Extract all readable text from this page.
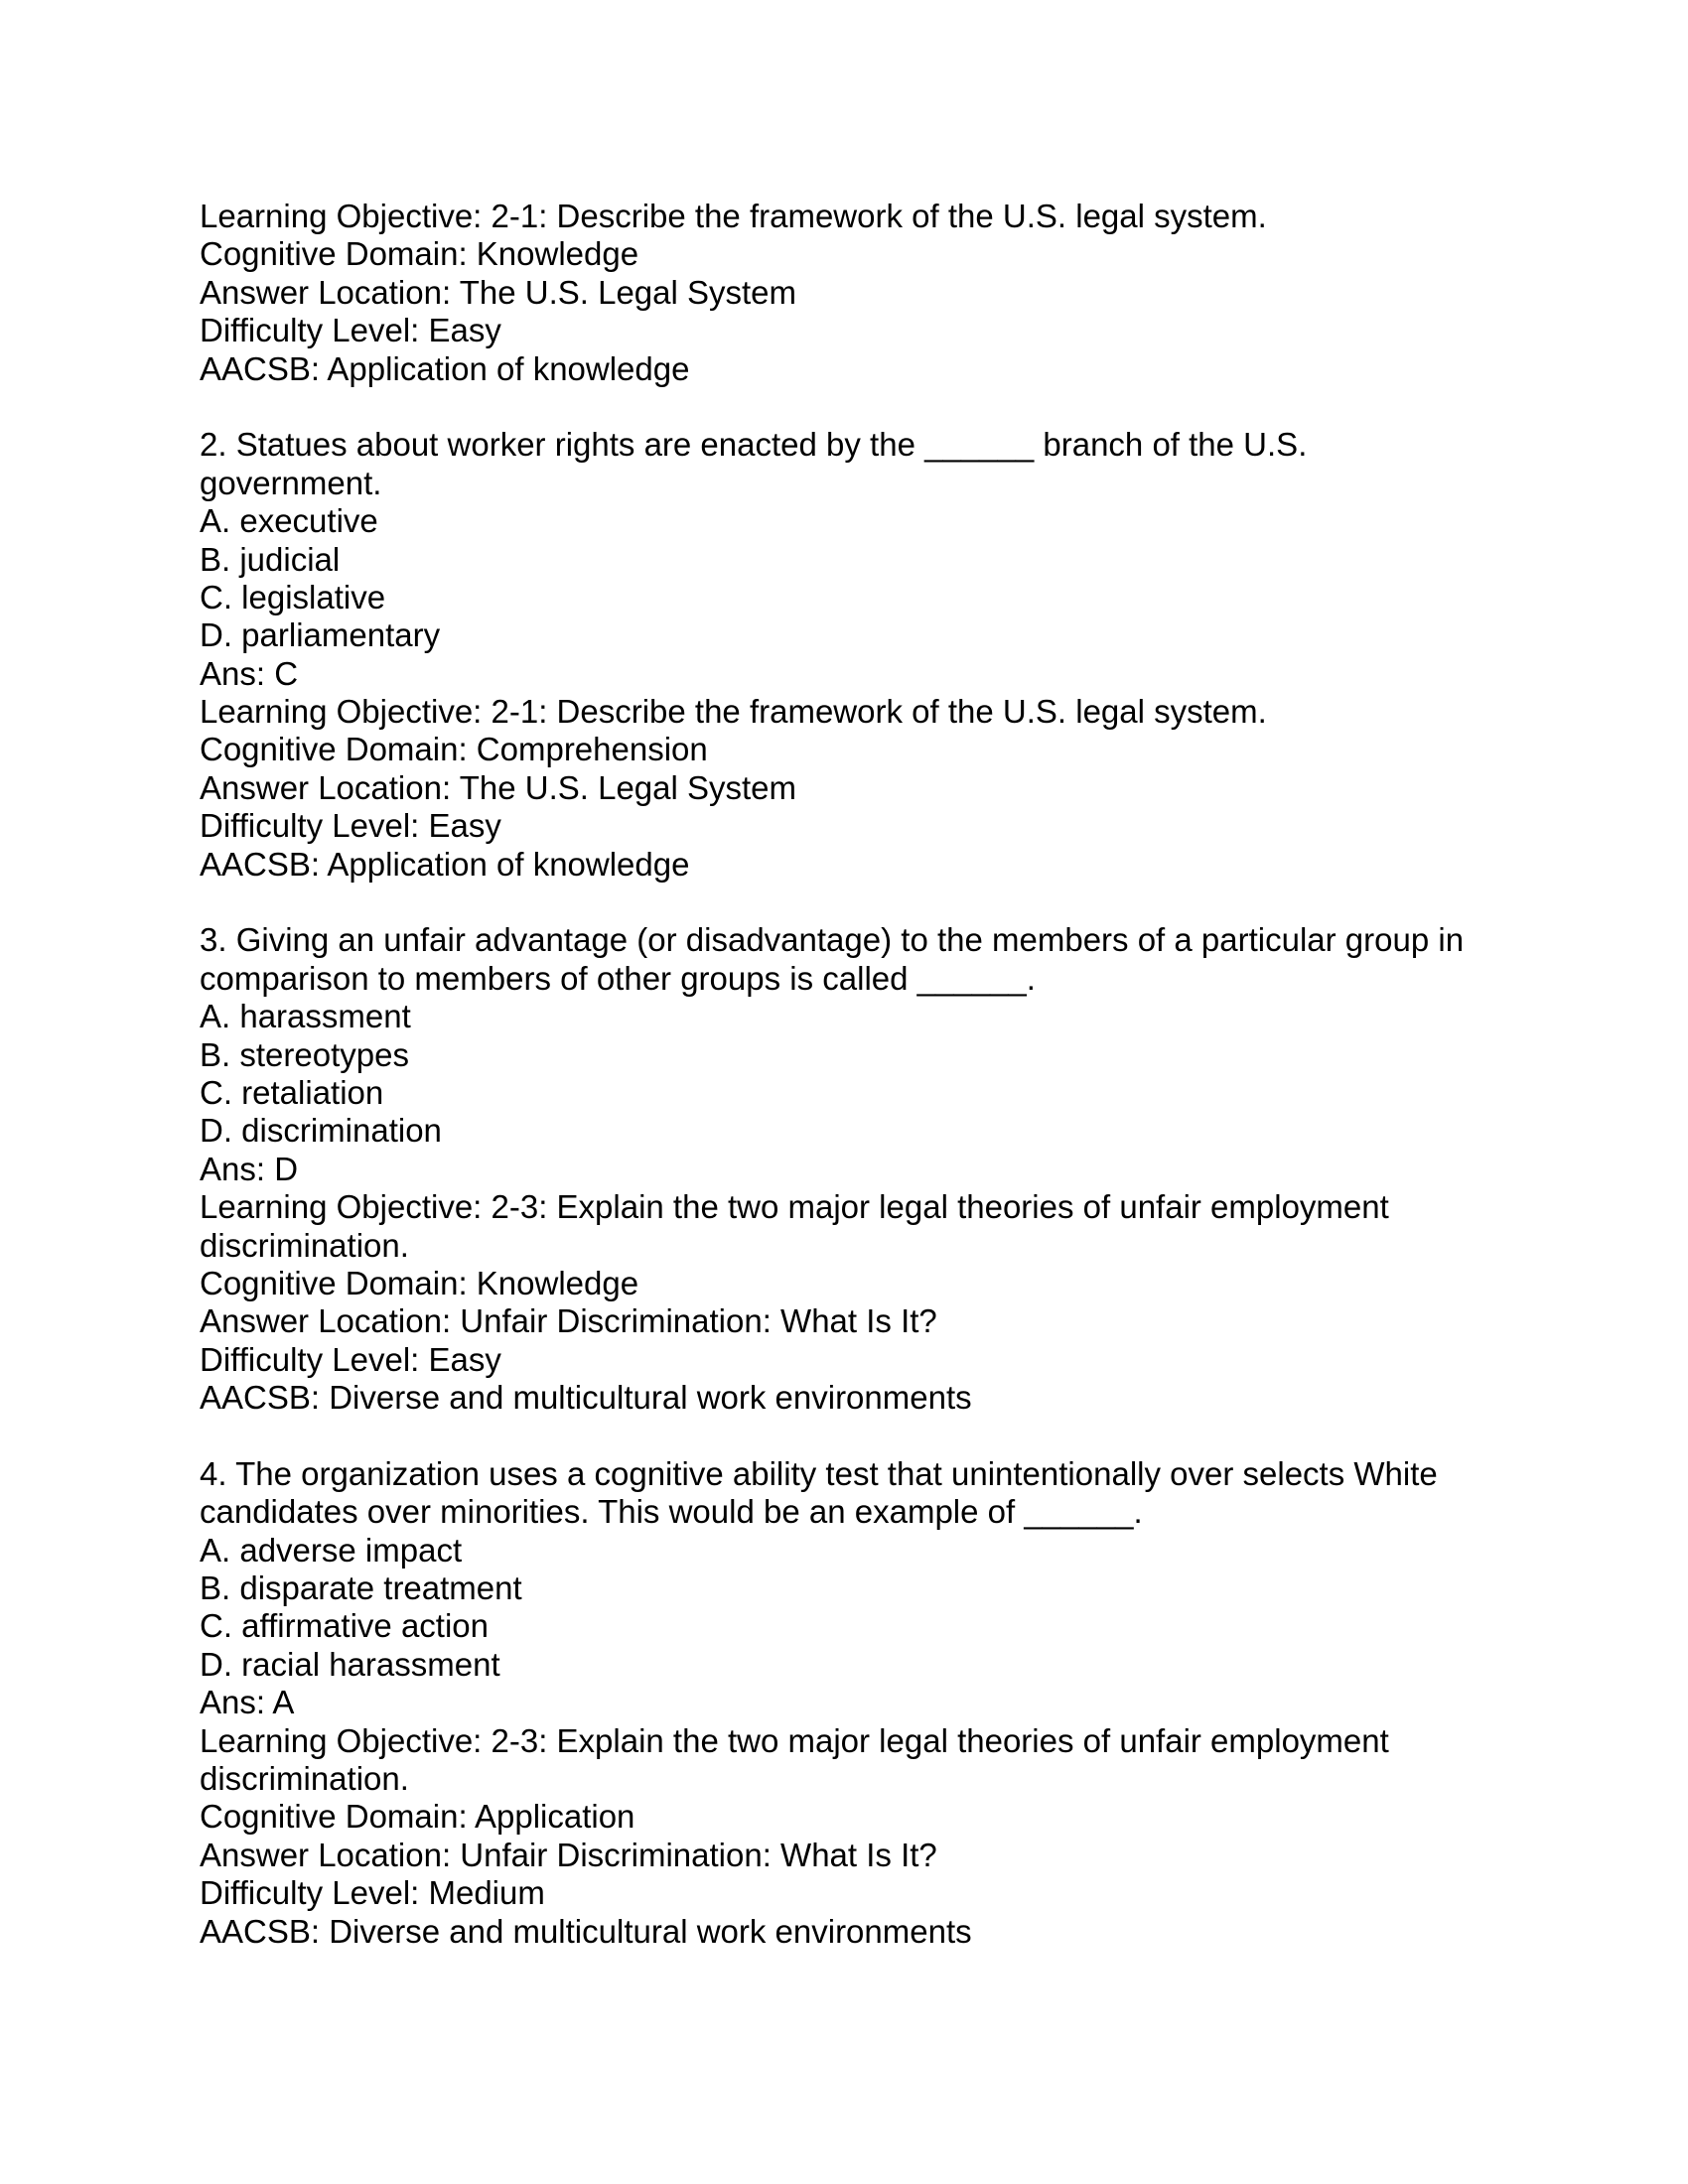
Learning Objective: 2-1: Describe the framework of the U.S. legal system.
Cognitive Domain: Knowledge
Answer Location: The U.S. Legal System
Difficulty Level: Easy
AACSB: Application of knowledge
2. Statues about worker rights are enacted by the ______ branch of the U.S.
government.
A. executive
B. judicial
C. legislative
D. parliamentary
Ans: C
Learning Objective: 2-1: Describe the framework of the U.S. legal system.
Cognitive Domain: Comprehension
Answer Location: The U.S. Legal System
Difficulty Level: Easy
AACSB: Application of knowledge
3. Giving an unfair advantage (or disadvantage) to the members of a particular group in
comparison to members of other groups is called ______.
A. harassment
B. stereotypes
C. retaliation
D. discrimination
Ans: D
Learning Objective: 2-3: Explain the two major legal theories of unfair employment
discrimination.
Cognitive Domain: Knowledge
Answer Location: Unfair Discrimination: What Is It?
Difficulty Level: Easy
AACSB: Diverse and multicultural work environments
4. The organization uses a cognitive ability test that unintentionally over selects White
candidates over minorities. This would be an example of ______.
A. adverse impact
B. disparate treatment
C. affirmative action
D. racial harassment
Ans: A
Learning Objective: 2-3: Explain the two major legal theories of unfair employment
discrimination.
Cognitive Domain: Application
Answer Location: Unfair Discrimination: What Is It?
Difficulty Level: Medium
AACSB: Diverse and multicultural work environments
